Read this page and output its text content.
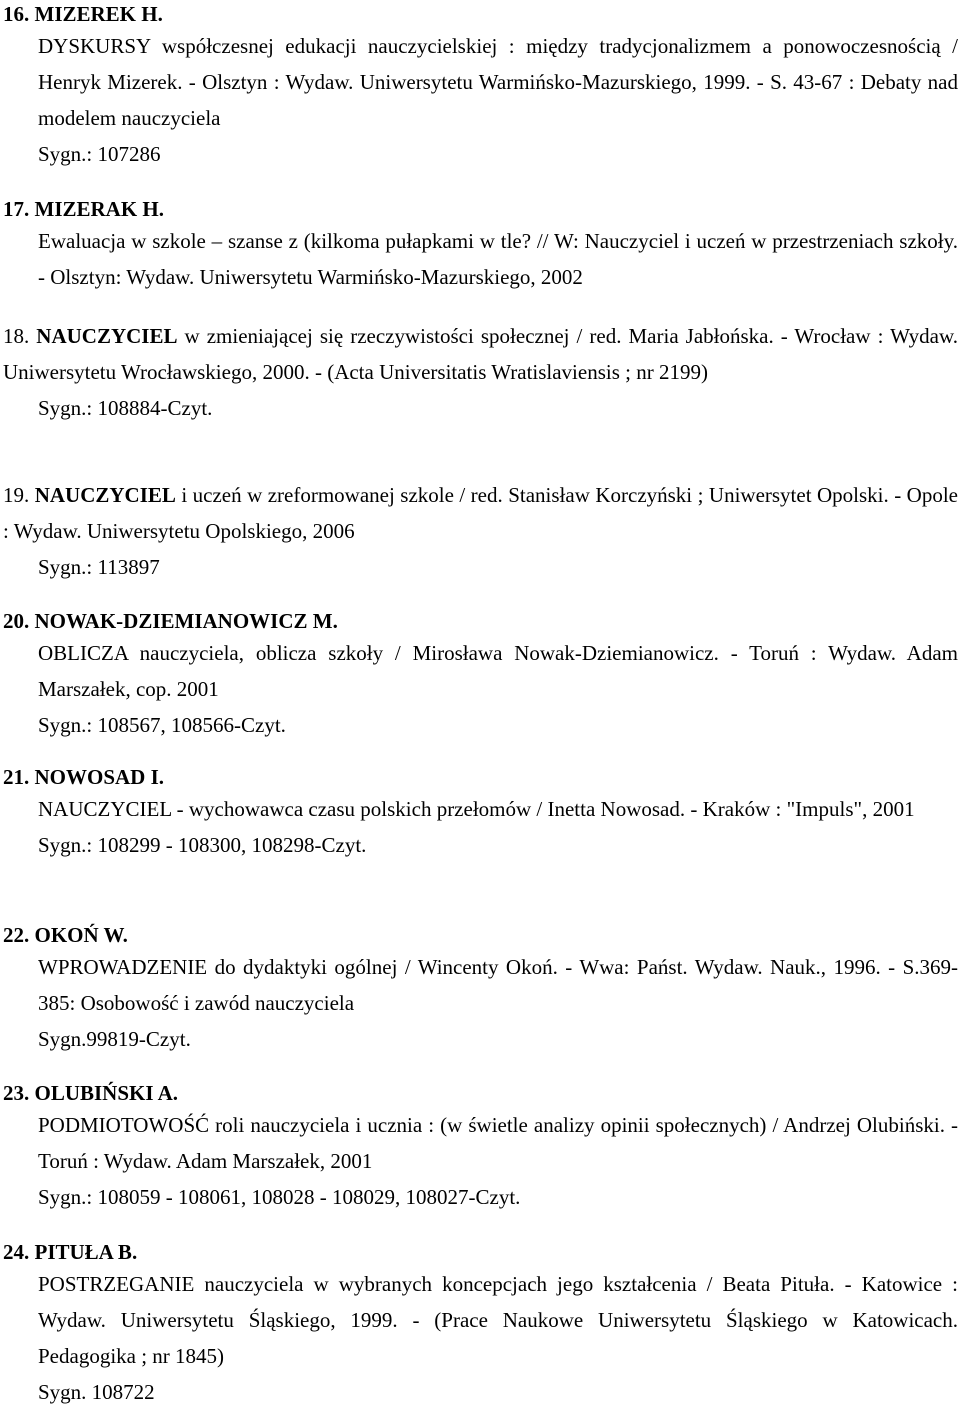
16. MIZEREK H.
DYSKURSY współczesnej edukacji nauczycielskiej : między tradycjonalizmem a ponowoczesnością / Henryk Mizerek. - Olsztyn : Wydaw. Uniwersytetu Warmińsko-Mazurskiego, 1999. - S. 43-67 : Debaty nad modelem nauczyciela
Sygn.: 107286
17. MIZERAK H.
Ewaluacja w szkole – szanse z (kilkoma pułapkami w tle? // W: Nauczyciel i uczeń w przestrzeniach szkoły. - Olsztyn: Wydaw. Uniwersytetu Warmińsko-Mazurskiego, 2002
18. NAUCZYCIEL w zmieniającej się rzeczywistości społecznej / red. Maria Jabłońska. - Wrocław : Wydaw. Uniwersytetu Wrocławskiego, 2000. - (Acta Universitatis Wratislaviensis ; nr 2199)
Sygn.: 108884-Czyt.
19. NAUCZYCIEL i uczeń w zreformowanej szkole / red. Stanisław Korczyński ; Uniwersytet Opolski. - Opole : Wydaw. Uniwersytetu Opolskiego, 2006
Sygn.: 113897
20. NOWAK-DZIEMIANOWICZ M.
OBLICZA nauczyciela, oblicza szkoły / Mirosława Nowak-Dziemianowicz. - Toruń : Wydaw. Adam Marszałek, cop. 2001
Sygn.: 108567, 108566-Czyt.
21. NOWOSAD I.
NAUCZYCIEL - wychowawca czasu polskich przełomów / Inetta Nowosad. - Kraków : "Impuls", 2001
Sygn.: 108299 - 108300, 108298-Czyt.
22. OKOŃ W.
WPROWADZENIE do dydaktyki ogólnej / Wincenty Okoń. - Wwa: Państ. Wydaw. Nauk., 1996. - S.369-385: Osobowość i zawód nauczyciela
Sygn.99819-Czyt.
23. OLUBIŃSKI A.
PODMIOTOWOŚĆ roli nauczyciela i ucznia : (w świetle analizy opinii społecznych) / Andrzej Olubiński. - Toruń : Wydaw. Adam Marszałek, 2001
Sygn.: 108059 - 108061, 108028 - 108029, 108027-Czyt.
24. PITUŁA B.
POSTRZEGANIE nauczyciela w wybranych koncepcjach jego kształcenia / Beata Pituła. - Katowice : Wydaw. Uniwersytetu Śląskiego, 1999. - (Prace Naukowe Uniwersytetu Śląskiego w Katowicach. Pedagogika ; nr 1845)
Sygn. 108722
